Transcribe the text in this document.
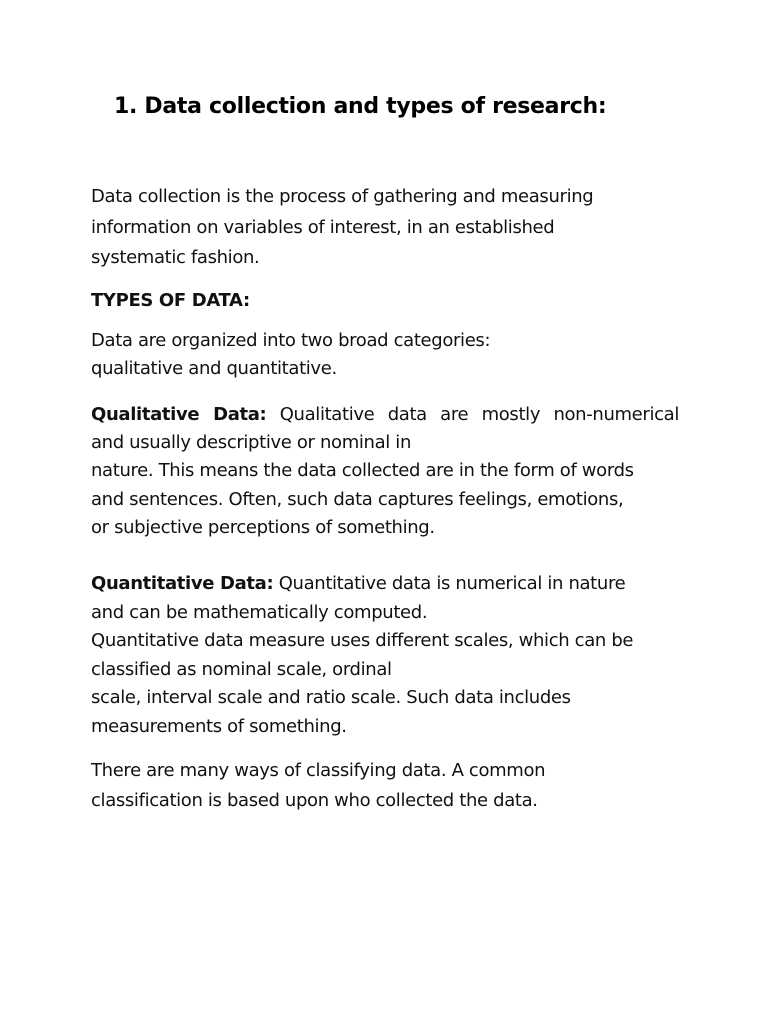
1. Data collection and types of research:

Data collection is the process of gathering and measuring
information on variables of interest, in an established
systematic fashion.

TYPES OF DATA:

Data are organized into two broad categories:
qualitative and quantitative.

Qualitative Data: Qualitative data are mostly non-numerical
and usually descriptive or nominal in
nature. This means the data collected are in the form of words
and sentences. Often, such data captures feelings, emotions,
or subjective perceptions of something.

Quantitative Data: Quantitative data is numerical in nature
and can be mathematically computed.
Quantitative data measure uses different scales, which can be
classified as nominal scale, ordinal
scale, interval scale and ratio scale. Such data includes
measurements of something.

There are many ways of classifying data. A common
classification is based upon who collected the data.
